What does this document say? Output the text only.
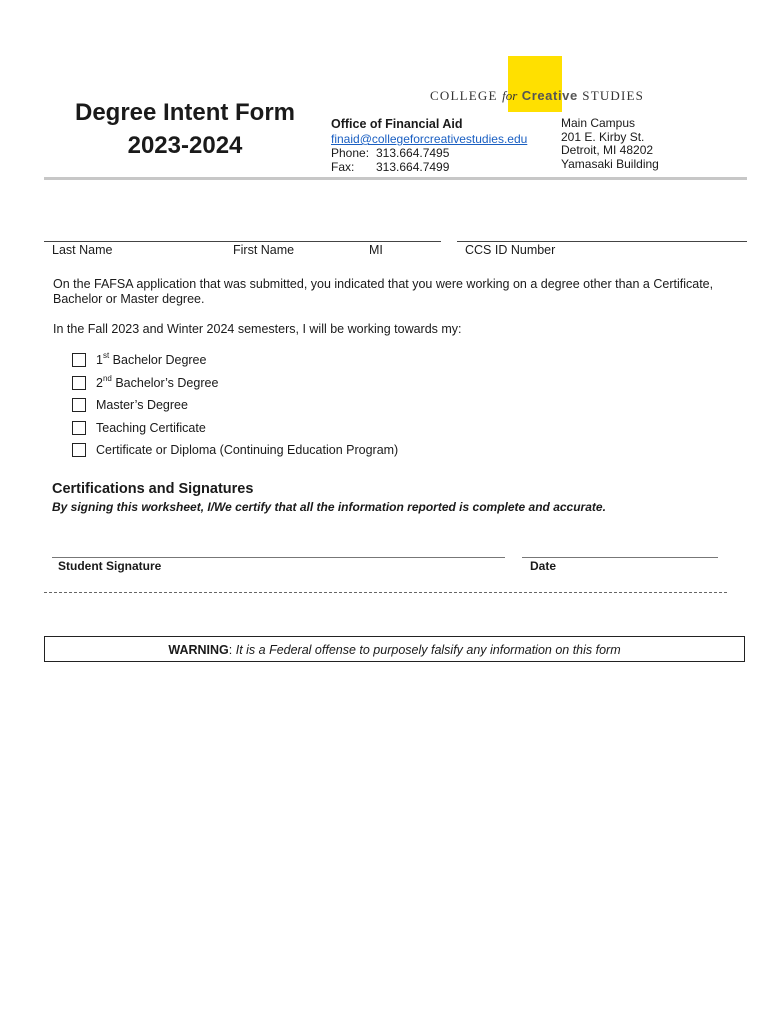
Degree Intent Form
2023-2024
COLLEGE for Creative STUDIES
Office of Financial Aid
finaid@collegeforcreativestudies.edu
Phone: 313.664.7495
Fax: 313.664.7499
Main Campus
201 E. Kirby St.
Detroit, MI 48202
Yamasaki Building
Last Name	First Name	MI	CCS ID Number
On the FAFSA application that was submitted, you indicated that you were working on a degree other than a Certificate, Bachelor or Master degree.
In the Fall 2023 and Winter 2024 semesters, I will be working towards my:
1st Bachelor Degree
2nd Bachelor’s Degree
Master’s Degree
Teaching Certificate
Certificate or Diploma (Continuing Education Program)
Certifications and Signatures
By signing this worksheet, I/We certify that all the information reported is complete and accurate.
Student Signature	Date
WARNING: It is a Federal offense to purposely falsify any information on this form
